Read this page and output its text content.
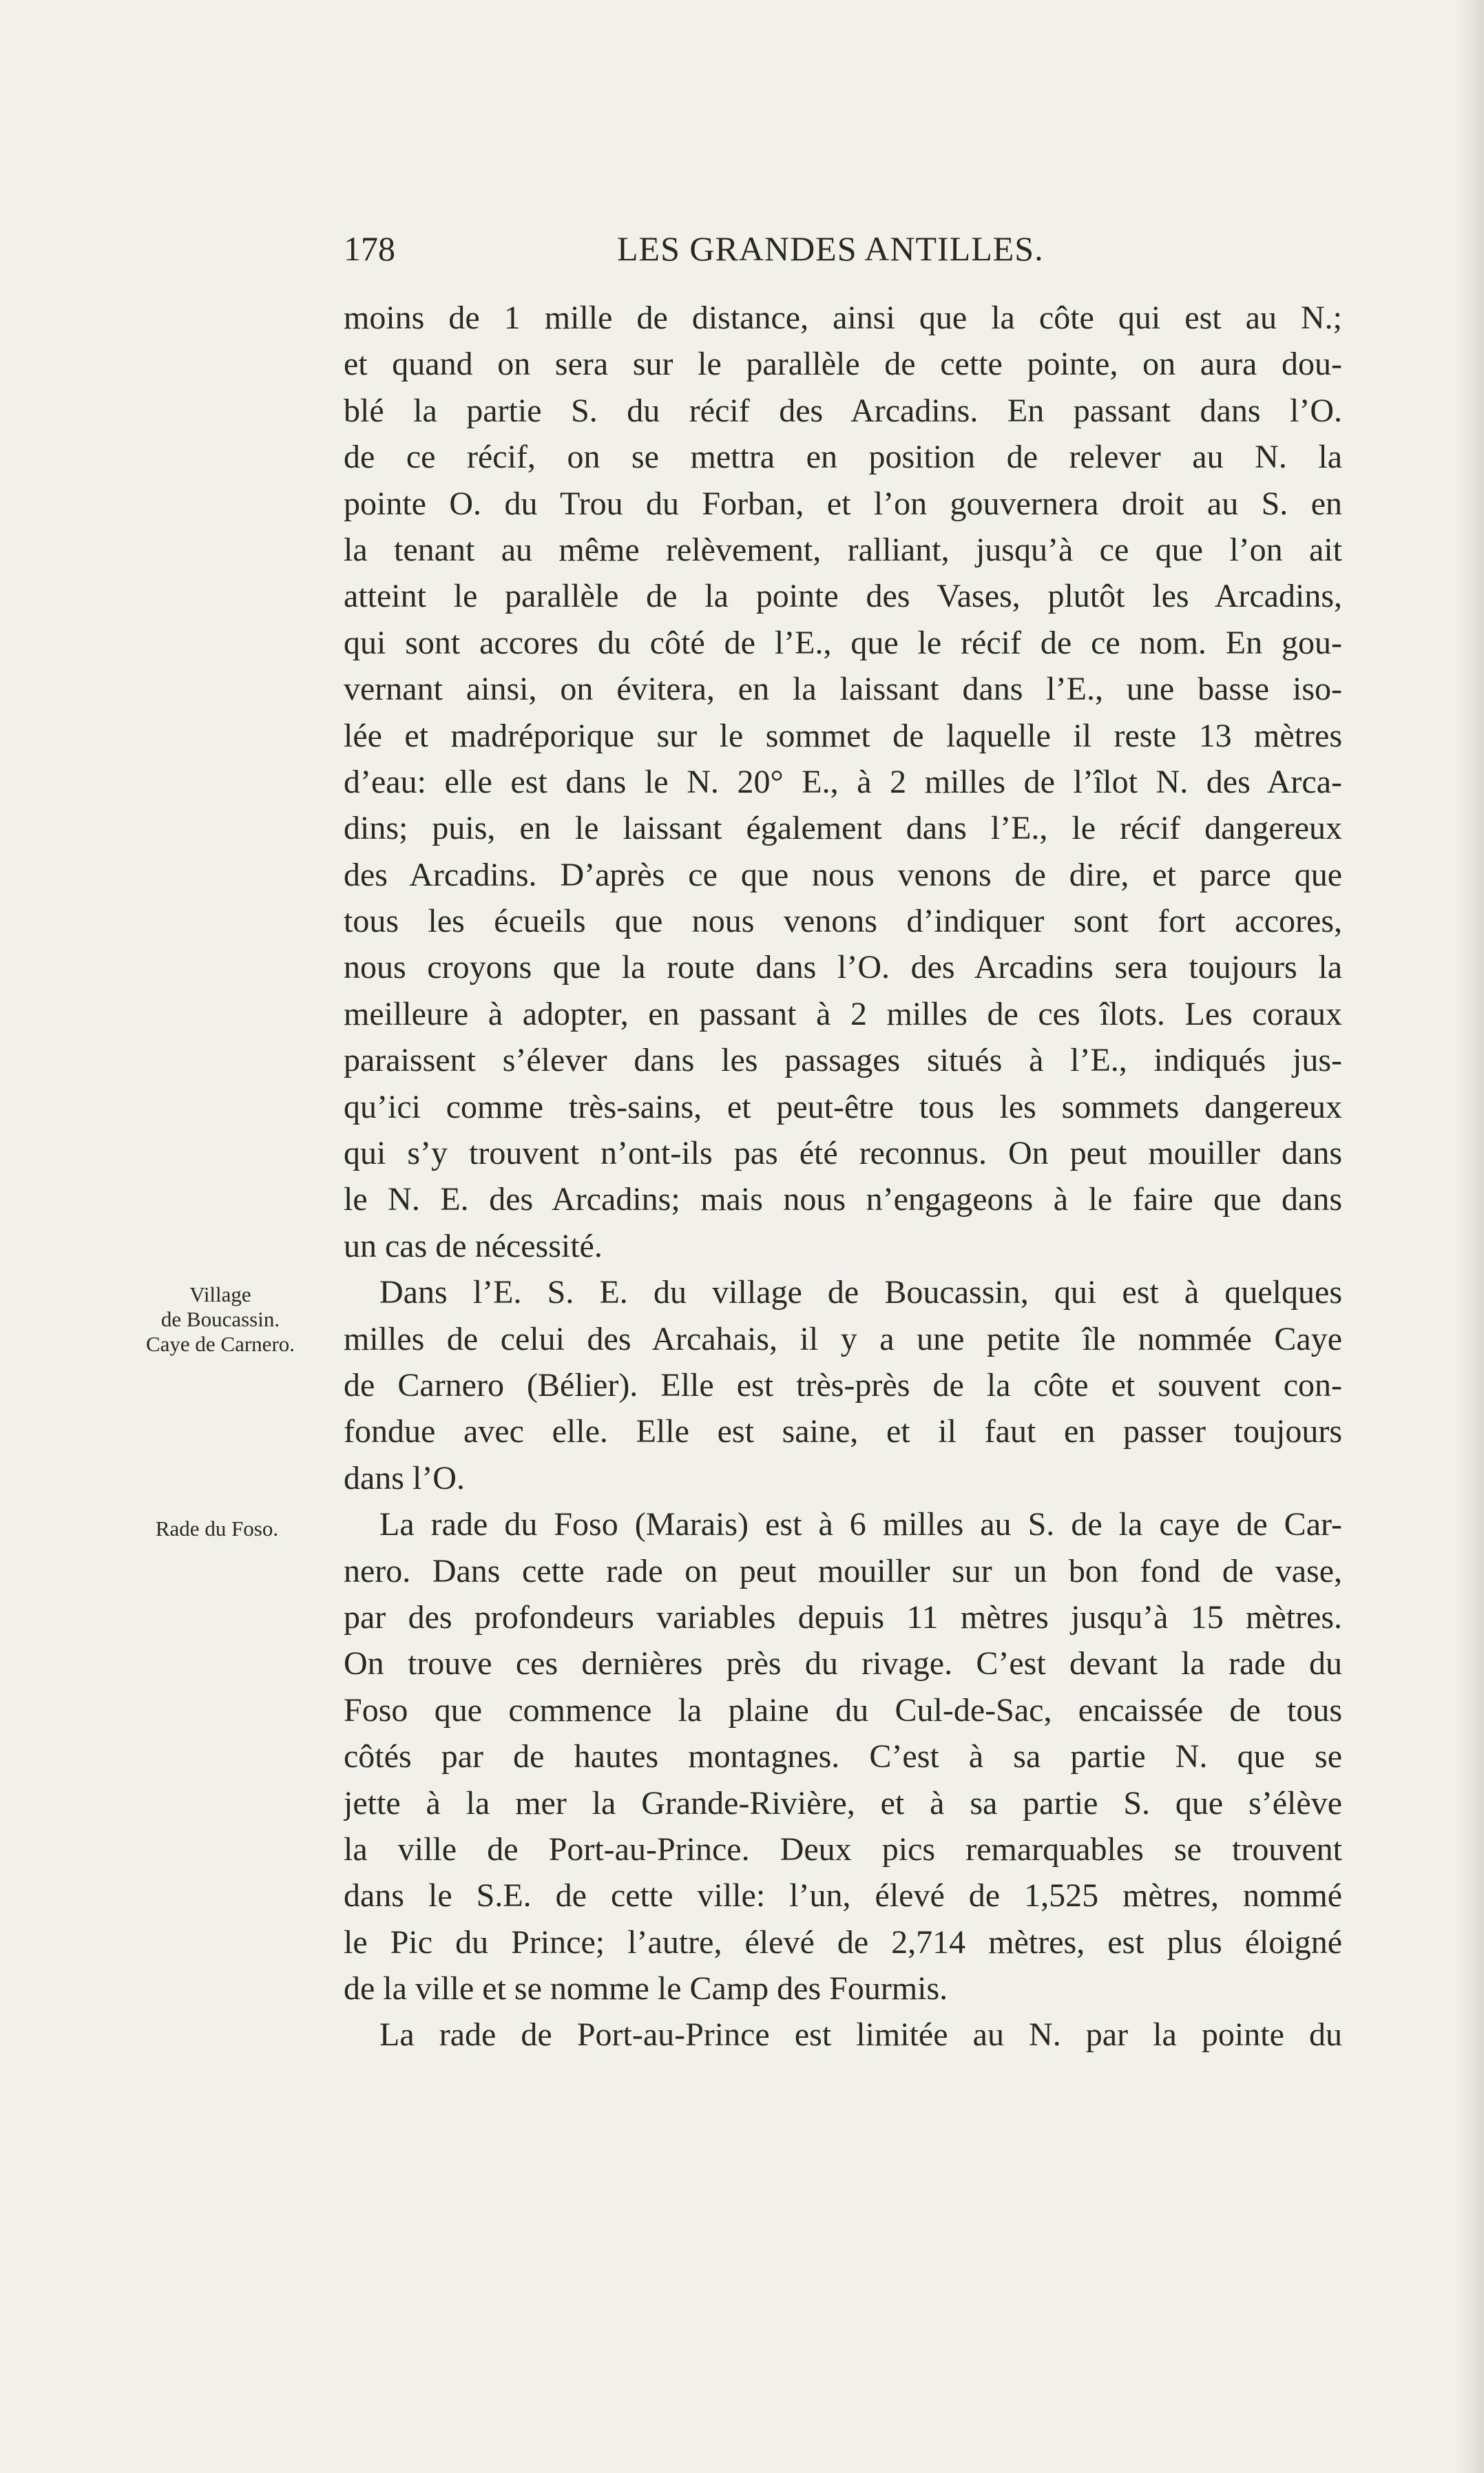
178	LES GRANDES ANTILLES.
Village
de Boucassin.
Caye de Carnero.
Rade du Foso.
moins de 1 mille de distance, ainsi que la côte qui est au N.;
et quand on sera sur le parallèle de cette pointe, on aura dou-
blé la partie S. du récif des Arcadins. En passant dans l’O.
de ce récif, on se mettra en position de relever au N. la
pointe O. du Trou du Forban, et l’on gouvernera droit au S. en
la tenant au même relèvement, ralliant, jusqu’à ce que l’on ait
atteint le parallèle de la pointe des Vases, plutôt les Arcadins,
qui sont accores du côté de l’E., que le récif de ce nom. En gou-
vernant ainsi, on évitera, en la laissant dans l’E., une basse iso-
lée et madréporique sur le sommet de laquelle il reste 13 mètres
d’eau: elle est dans le N. 20° E., à 2 milles de l’îlot N. des Arca-
dins; puis, en le laissant également dans l’E., le récif dangereux
des Arcadins. D’après ce que nous venons de dire, et parce que
tous les écueils que nous venons d’indiquer sont fort accores,
nous croyons que la route dans l’O. des Arcadins sera toujours la
meilleure à adopter, en passant à 2 milles de ces îlots. Les coraux
paraissent s’élever dans les passages situés à l’E., indiqués jus-
qu’ici comme très-sains, et peut-être tous les sommets dangereux
qui s’y trouvent n’ont-ils pas été reconnus. On peut mouiller dans
le N. E. des Arcadins; mais nous n’engageons à le faire que dans
un cas de nécessité.
Dans l’E. S. E. du village de Boucassin, qui est à quelques
milles de celui des Arcahais, il y a une petite île nommée Caye
de Carnero (Bélier). Elle est très-près de la côte et souvent con-
fondue avec elle. Elle est saine, et il faut en passer toujours
dans l’O.
La rade du Foso (Marais) est à 6 milles au S. de la caye de Car-
nero. Dans cette rade on peut mouiller sur un bon fond de vase,
par des profondeurs variables depuis 11 mètres jusqu’à 15 mètres.
On trouve ces dernières près du rivage. C’est devant la rade du
Foso que commence la plaine du Cul-de-Sac, encaissée de tous
côtés par de hautes montagnes. C’est à sa partie N. que se
jette à la mer la Grande-Rivière, et à sa partie S. que s’élève
la ville de Port-au-Prince. Deux pics remarquables se trouvent
dans le S.E. de cette ville: l’un, élevé de 1,525 mètres, nommé
le Pic du Prince; l’autre, élevé de 2,714 mètres, est plus éloigné
de la ville et se nomme le Camp des Fourmis.
La rade de Port-au-Prince est limitée au N. par la pointe du
